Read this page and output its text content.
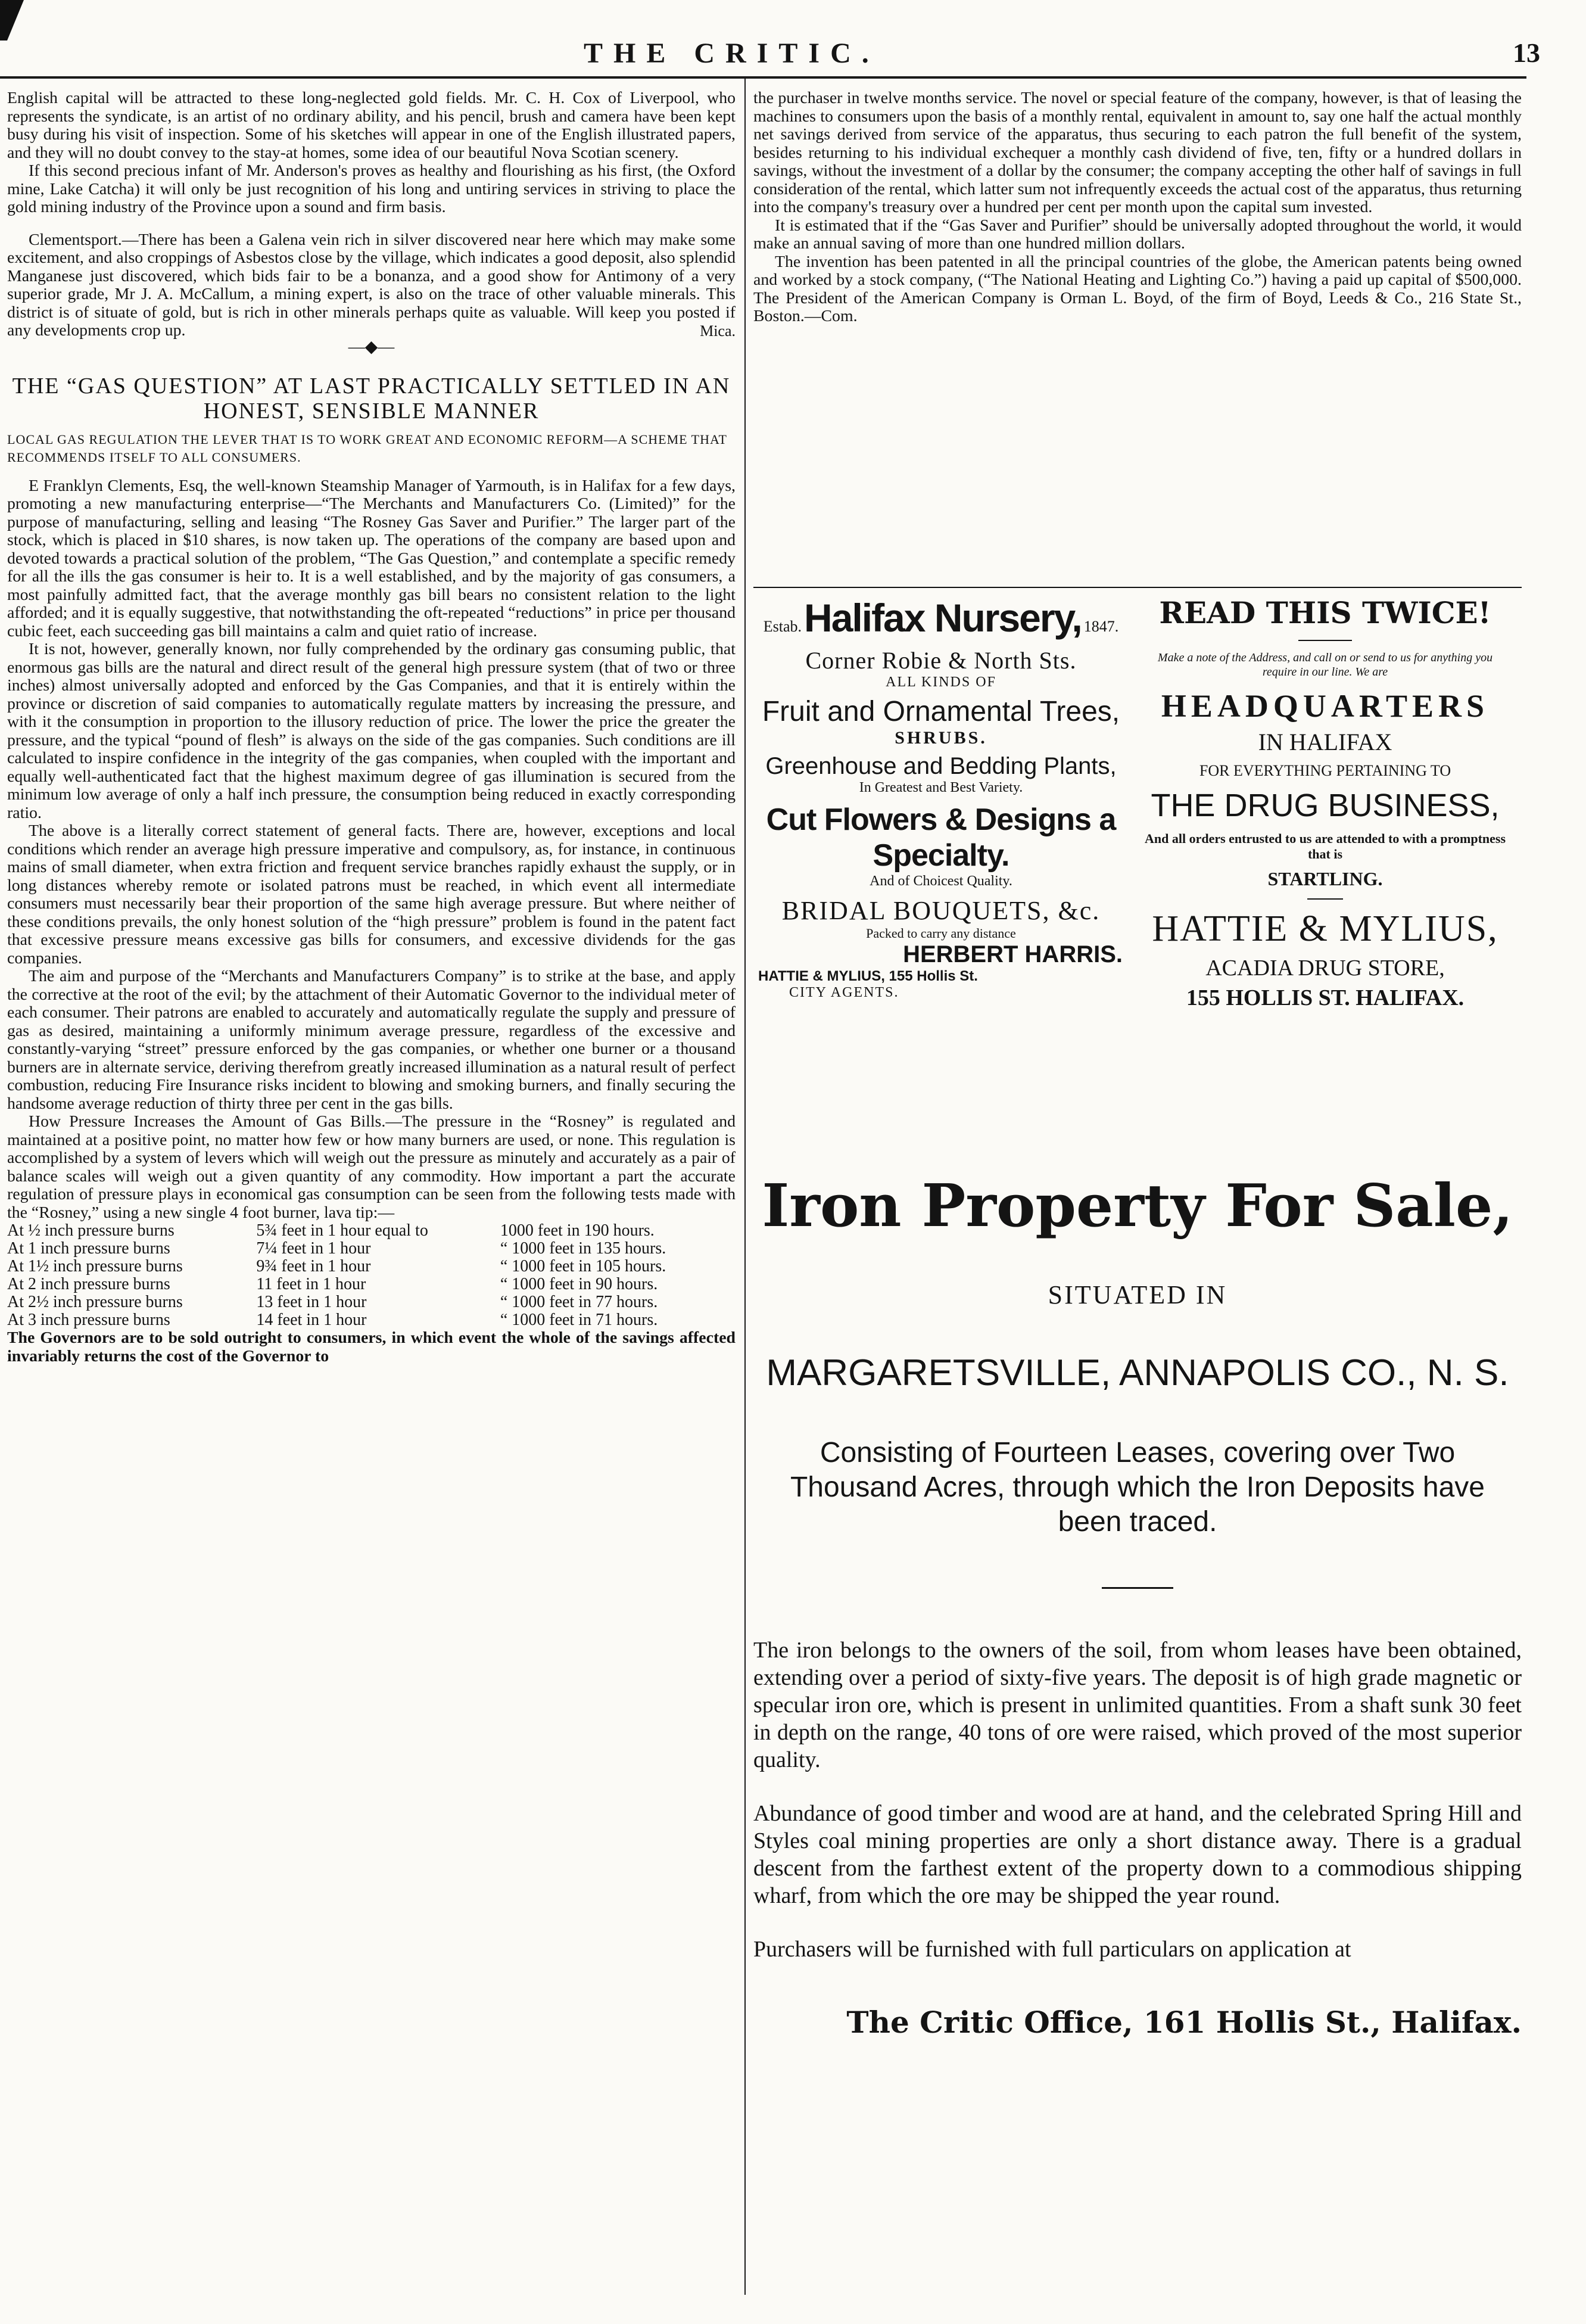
THE CRITIC.	13

English capital will be attracted to these long-neglected gold fields. Mr. C. H. Cox of Liverpool, who represents the syndicate, is an artist of no ordinary ability, and his pencil, brush and camera have been kept busy during his visit of inspection. Some of his sketches will appear in one of the English illustrated papers, and they will no doubt convey to the stay-at homes, some idea of our beautiful Nova Scotian scenery.

If this second precious infant of Mr. Anderson's proves as healthy and flourishing as his first, (the Oxford mine, Lake Catcha) it will only be just recognition of his long and untiring services in striving to place the gold mining industry of the Province upon a sound and firm basis.

Clementsport.—There has been a Galena vein rich in silver discovered near here which may make some excitement, and also croppings of Asbestos close by the village, which indicates a good deposit, also splendid Manganese just discovered, which bids fair to be a bonanza, and a good show for Antimony of a very superior grade, Mr J. A. McCallum, a mining expert, is also on the trace of other valuable minerals. This district is of situate of gold, but is rich in other minerals perhaps quite as valuable. Will keep you posted if any developments crop up.	Mica.
—◆—
THE “GAS QUESTION” AT LAST PRACTICALLY SETTLED IN AN HONEST, SENSIBLE MANNER
LOCAL GAS REGULATION THE LEVER THAT IS TO WORK GREAT AND ECONOMIC REFORM—A SCHEME THAT RECOMMENDS ITSELF TO ALL CONSUMERS.

E Franklyn Clements, Esq, the well-known Steamship Manager of Yarmouth, is in Halifax for a few days, promoting a new manufacturing enterprise—“The Merchants and Manufacturers Co. (Limited)” for the purpose of manufacturing, selling and leasing “The Rosney Gas Saver and Purifier.” The larger part of the stock, which is placed in $10 shares, is now taken up. The operations of the company are based upon and devoted towards a practical solution of the problem, “The Gas Question,” and contemplate a specific remedy for all the ills the gas consumer is heir to. It is a well established, and by the majority of gas consumers, a most painfully admitted fact, that the average monthly gas bill bears no consistent relation to the light afforded; and it is equally suggestive, that notwithstanding the oft-repeated “reductions” in price per thousand cubic feet, each succeeding gas bill maintains a calm and quiet ratio of increase.

It is not, however, generally known, nor fully comprehended by the ordinary gas consuming public, that enormous gas bills are the natural and direct result of the general high pressure system (that of two or three inches) almost universally adopted and enforced by the Gas Companies, and that it is entirely within the province or discretion of said companies to automatically regulate matters by increasing the pressure, and with it the consumption in proportion to the illusory reduction of price. The lower the price the greater the pressure, and the typical “pound of flesh” is always on the side of the gas companies. Such conditions are ill calculated to inspire confidence in the integrity of the gas companies, when coupled with the important and equally well-authenticated fact that the highest maximum degree of gas illumination is secured from the minimum low average of only a half inch pressure, the consumption being reduced in exactly corresponding ratio.

The above is a literally correct statement of general facts. There are, however, exceptions and local conditions which render an average high pressure imperative and compulsory, as, for instance, in continuous mains of small diameter, when extra friction and frequent service branches rapidly exhaust the supply, or in long distances whereby remote or isolated patrons must be reached, in which event all intermediate consumers must necessarily bear their proportion of the same high average pressure. But where neither of these conditions prevails, the only honest solution of the “high pressure” problem is found in the patent fact that excessive pressure means excessive gas bills for consumers, and excessive dividends for the gas companies.

The aim and purpose of the “Merchants and Manufacturers Company” is to strike at the base, and apply the corrective at the root of the evil; by the attachment of their Automatic Governor to the individual meter of each consumer. Their patrons are enabled to accurately and automatically regulate the supply and pressure of gas as desired, maintaining a uniformly minimum average pressure, regardless of the excessive and constantly-varying “street” pressure enforced by the gas companies, or whether one burner or a thousand burners are in alternate service, deriving therefrom greatly increased illumination as a natural result of perfect combustion, reducing Fire Insurance risks incident to blowing and smoking burners, and finally securing the handsome average reduction of thirty three per cent in the gas bills.

How Pressure Increases the Amount of Gas Bills.—The pressure in the “Rosney” is regulated and maintained at a positive point, no matter how few or how many burners are used, or none. This regulation is accomplished by a system of levers which will weigh out the pressure as minutely and accurately as a pair of balance scales will weigh out a given quantity of any commodity. How important a part the accurate regulation of pressure plays in economical gas consumption can be seen from the following tests made with the “Rosney,” using a new single 4 foot burner, lava tip:—

At ½ inch pressure burns	5¾ feet in 1 hour equal to	1000 feet in 190 hours.
At 1 inch pressure burns	7¼ feet in 1 hour	“ 1000 feet in 135 hours.
At 1½ inch pressure burns	9¾ feet in 1 hour	“ 1000 feet in 105 hours.
At 2 inch pressure burns	11 feet in 1 hour	“ 1000 feet in 90 hours.
At 2½ inch pressure burns	13 feet in 1 hour	“ 1000 feet in 77 hours.
At 3 inch pressure burns	14 feet in 1 hour	“ 1000 feet in 71 hours.

The Governors are to be sold outright to consumers, in which event the whole of the savings affected invariably returns the cost of the Governor to

the purchaser in twelve months service. The novel or special feature of the company, however, is that of leasing the machines to consumers upon the basis of a monthly rental, equivalent in amount to, say one half the actual monthly net savings derived from service of the apparatus, thus securing to each patron the full benefit of the system, besides returning to his individual exchequer a monthly cash dividend of five, ten, fifty or a hundred dollars in savings, without the investment of a dollar by the consumer; the company accepting the other half of savings in full consideration of the rental, which latter sum not infrequently exceeds the actual cost of the apparatus, thus returning into the company's treasury over a hundred per cent per month upon the capital sum invested.

It is estimated that if the “Gas Saver and Purifier” should be universally adopted throughout the world, it would make an annual saving of more than one hundred million dollars.

The invention has been patented in all the principal countries of the globe, the American patents being owned and worked by a stock company, (“The National Heating and Lighting Co.”) having a paid up capital of $500,000. The President of the American Company is Orman L. Boyd, of the firm of Boyd, Leeds & Co., 216 State St., Boston.—Com.

Estab. Halifax Nursery, 1847.
Corner Robie & North Sts.
ALL KINDS OF
Fruit and Ornamental Trees,
SHRUBS.
Greenhouse and Bedding Plants,
In Greatest and Best Variety.
Cut Flowers & Designs a Specialty.
And of Choicest Quality.
BRIDAL BOUQUETS, &c.
Packed to carry any distance
HERBERT HARRIS.
HATTIE & MYLIUS, 155 Hollis St.
CITY AGENTS.
READ THIS TWICE!
Make a note of the Address, and call on or send to us for anything you require in our line. We are
HEADQUARTERS
IN HALIFAX
FOR EVERYTHING PERTAINING TO
THE DRUG BUSINESS,
And all orders entrusted to us are attended to with a promptness that is
STARTLING.
HATTIE & MYLIUS,
ACADIA DRUG STORE,
155 HOLLIS ST. HALIFAX.
Iron Property For Sale,
SITUATED IN
MARGARETSVILLE, ANNAPOLIS CO., N. S.
Consisting of Fourteen Leases, covering over Two Thousand Acres, through which the Iron Deposits have been traced.

The iron belongs to the owners of the soil, from whom leases have been obtained, extending over a period of sixty-five years. The deposit is of high grade magnetic or specular iron ore, which is present in unlimited quantities. From a shaft sunk 30 feet in depth on the range, 40 tons of ore were raised, which proved of the most superior quality.

Abundance of good timber and wood are at hand, and the celebrated Spring Hill and Styles coal mining properties are only a short distance away. There is a gradual descent from the farthest extent of the property down to a commodious shipping wharf, from which the ore may be shipped the year round.

Purchasers will be furnished with full particulars on application at

The Critic Office, 161 Hollis St., Halifax.
